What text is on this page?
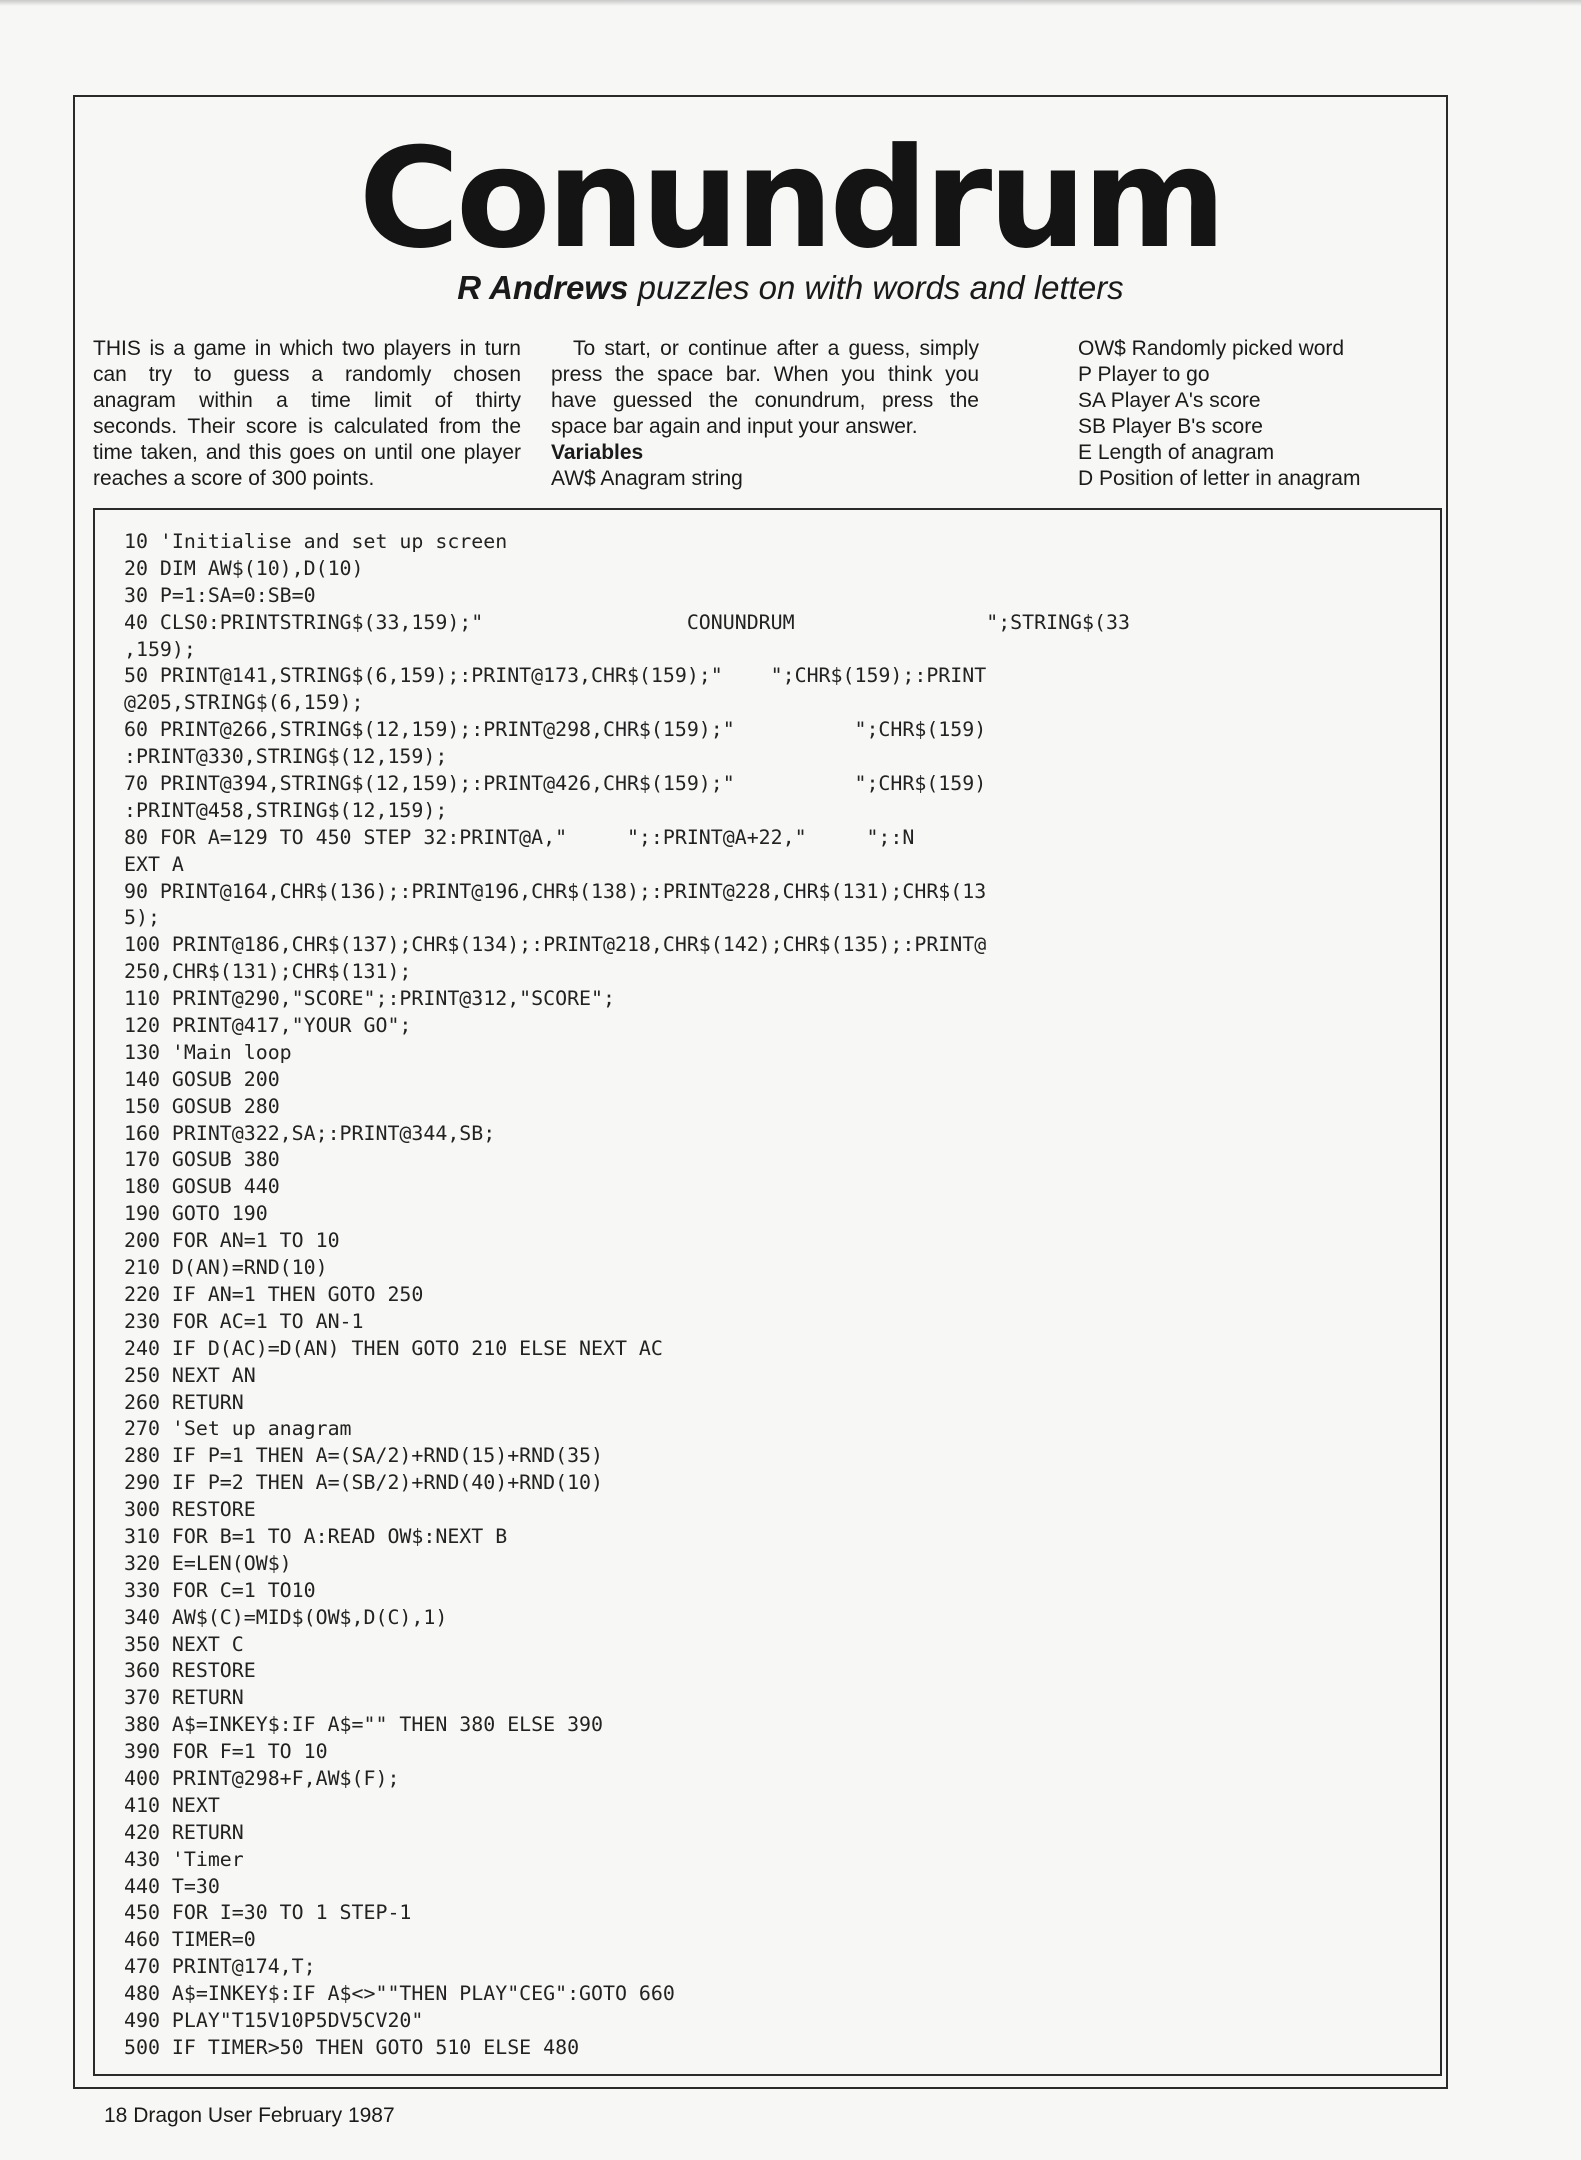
Conundrum
R Andrews puzzles on with words and letters
THIS is a game in which two players in turn
can try to guess a randomly chosen
anagram within a time limit of thirty
seconds. Their score is calculated from the
time taken, and this goes on until one player
reaches a score of 300 points.
To start, or continue after a guess, simply
press the space bar. When you think you
have guessed the conundrum, press the
space bar again and input your answer.
Variables
AW$ Anagram string
OW$ Randomly picked word
P Player to go
SA Player A's score
SB Player B's score
E Length of anagram
D Position of letter in anagram
10 'Initialise and set up screen
20 DIM AW$(10),D(10)
30 P=1:SA=0:SB=0
40 CLS0:PRINTSTRING$(33,159);"                 CONUNDRUM                ";STRING$(33
,159);
50 PRINT@141,STRING$(6,159);:PRINT@173,CHR$(159);"    ";CHR$(159);:PRINT
@205,STRING$(6,159);
60 PRINT@266,STRING$(12,159);:PRINT@298,CHR$(159);"          ";CHR$(159)
:PRINT@330,STRING$(12,159);
70 PRINT@394,STRING$(12,159);:PRINT@426,CHR$(159);"          ";CHR$(159)
:PRINT@458,STRING$(12,159);
80 FOR A=129 TO 450 STEP 32:PRINT@A,"     ";:PRINT@A+22,"     ";:N
EXT A
90 PRINT@164,CHR$(136);:PRINT@196,CHR$(138);:PRINT@228,CHR$(131);CHR$(13
5);
100 PRINT@186,CHR$(137);CHR$(134);:PRINT@218,CHR$(142);CHR$(135);:PRINT@
250,CHR$(131);CHR$(131);
110 PRINT@290,"SCORE";:PRINT@312,"SCORE";
120 PRINT@417,"YOUR GO";
130 'Main loop
140 GOSUB 200
150 GOSUB 280
160 PRINT@322,SA;:PRINT@344,SB;
170 GOSUB 380
180 GOSUB 440
190 GOTO 190
200 FOR AN=1 TO 10
210 D(AN)=RND(10)
220 IF AN=1 THEN GOTO 250
230 FOR AC=1 TO AN-1
240 IF D(AC)=D(AN) THEN GOTO 210 ELSE NEXT AC
250 NEXT AN
260 RETURN
270 'Set up anagram
280 IF P=1 THEN A=(SA/2)+RND(15)+RND(35)
290 IF P=2 THEN A=(SB/2)+RND(40)+RND(10)
300 RESTORE
310 FOR B=1 TO A:READ OW$:NEXT B
320 E=LEN(OW$)
330 FOR C=1 TO10
340 AW$(C)=MID$(OW$,D(C),1)
350 NEXT C
360 RESTORE
370 RETURN
380 A$=INKEY$:IF A$="" THEN 380 ELSE 390
390 FOR F=1 TO 10
400 PRINT@298+F,AW$(F);
410 NEXT
420 RETURN
430 'Timer
440 T=30
450 FOR I=30 TO 1 STEP-1
460 TIMER=0
470 PRINT@174,T;
480 A$=INKEY$:IF A$<>""THEN PLAY"CEG":GOTO 660
490 PLAY"T15V10P5DV5CV20"
500 IF TIMER>50 THEN GOTO 510 ELSE 480
18 Dragon User February 1987
